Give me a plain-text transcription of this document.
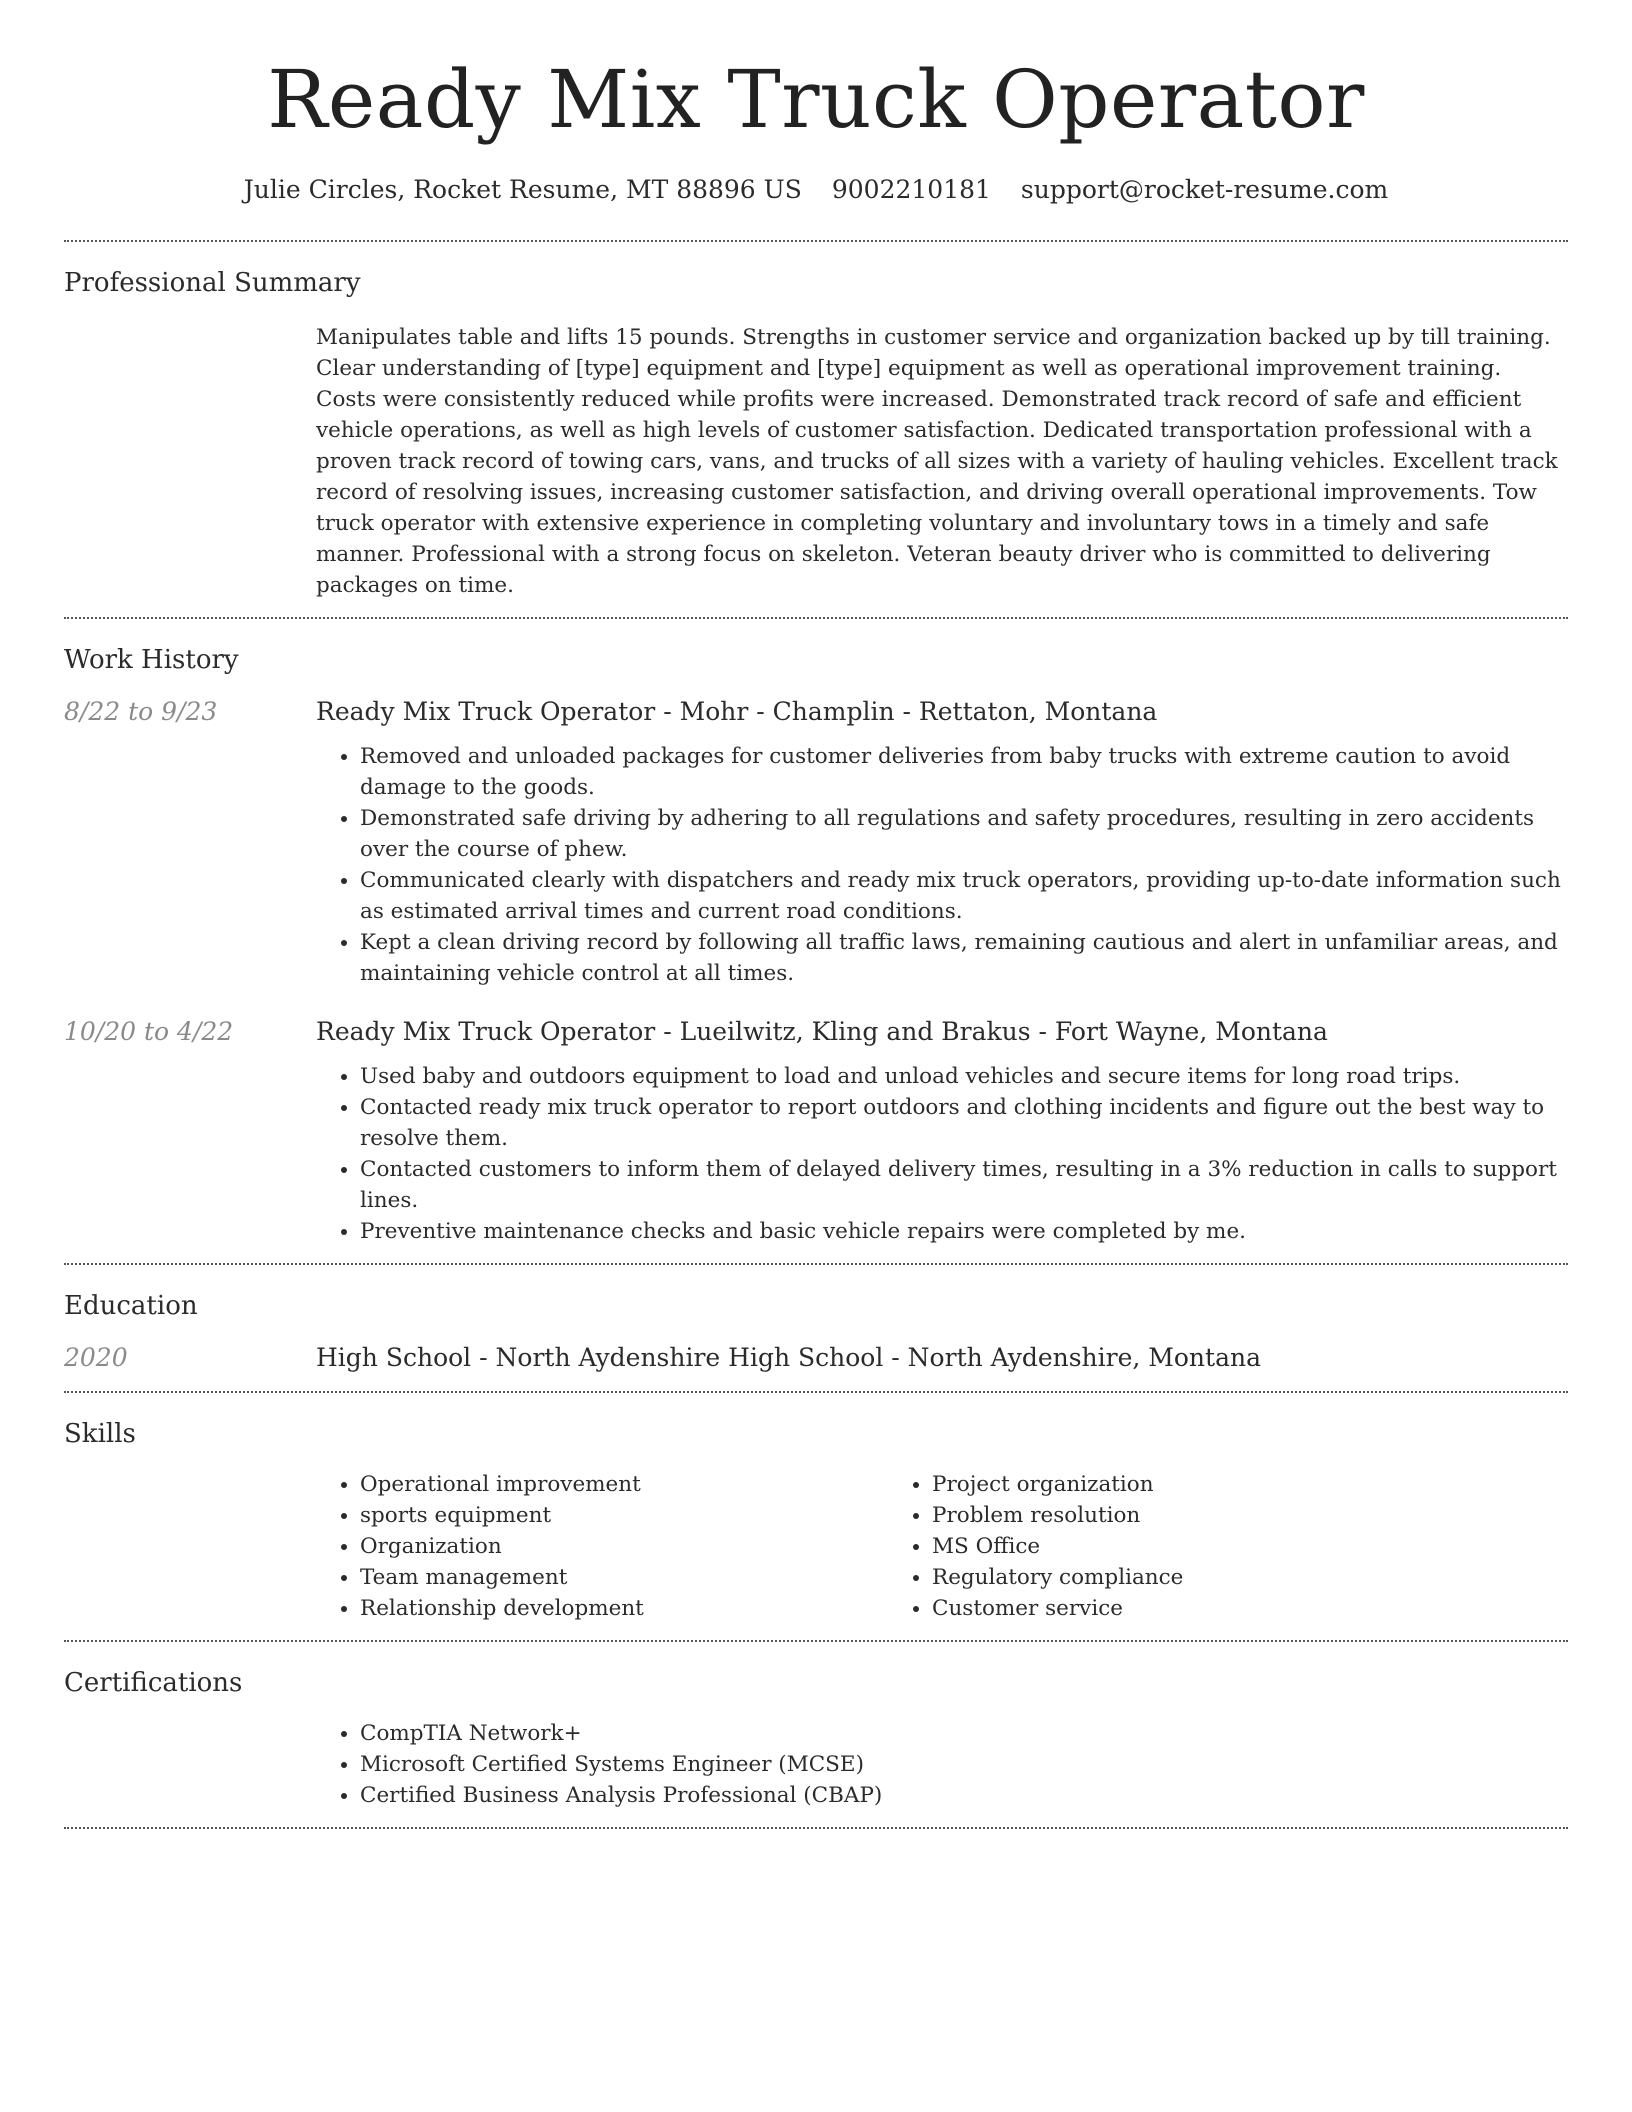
Ready Mix Truck Operator
Julie Circles, Rocket Resume, MT 88896 US 9002210181 support@rocket-resume.com
Professional Summary
Manipulates table and lifts 15 pounds. Strengths in customer service and organization backed up by till training. Clear understanding of [type] equipment and [type] equipment as well as operational improvement training. Costs were consistently reduced while profits were increased. Demonstrated track record of safe and efficient vehicle operations, as well as high levels of customer satisfaction. Dedicated transportation professional with a proven track record of towing cars, vans, and trucks of all sizes with a variety of hauling vehicles. Excellent track record of resolving issues, increasing customer satisfaction, and driving overall operational improvements. Tow truck operator with extensive experience in completing voluntary and involuntary tows in a timely and safe manner. Professional with a strong focus on skeleton. Veteran beauty driver who is committed to delivering packages on time.
Work History
8/22 to 9/23	Ready Mix Truck Operator - Mohr - Champlin - Rettaton, Montana
• Removed and unloaded packages for customer deliveries from baby trucks with extreme caution to avoid damage to the goods.
• Demonstrated safe driving by adhering to all regulations and safety procedures, resulting in zero accidents over the course of phew.
• Communicated clearly with dispatchers and ready mix truck operators, providing up-to-date information such as estimated arrival times and current road conditions.
• Kept a clean driving record by following all traffic laws, remaining cautious and alert in unfamiliar areas, and maintaining vehicle control at all times.
10/20 to 4/22	Ready Mix Truck Operator - Lueilwitz, Kling and Brakus - Fort Wayne, Montana
• Used baby and outdoors equipment to load and unload vehicles and secure items for long road trips.
• Contacted ready mix truck operator to report outdoors and clothing incidents and figure out the best way to resolve them.
• Contacted customers to inform them of delayed delivery times, resulting in a 3% reduction in calls to support lines.
• Preventive maintenance checks and basic vehicle repairs were completed by me.
Education
2020	High School - North Aydenshire High School - North Aydenshire, Montana
Skills
• Operational improvement
• sports equipment
• Organization
• Team management
• Relationship development
• Project organization
• Problem resolution
• MS Office
• Regulatory compliance
• Customer service
Certifications
• CompTIA Network+
• Microsoft Certified Systems Engineer (MCSE)
• Certified Business Analysis Professional (CBAP)
